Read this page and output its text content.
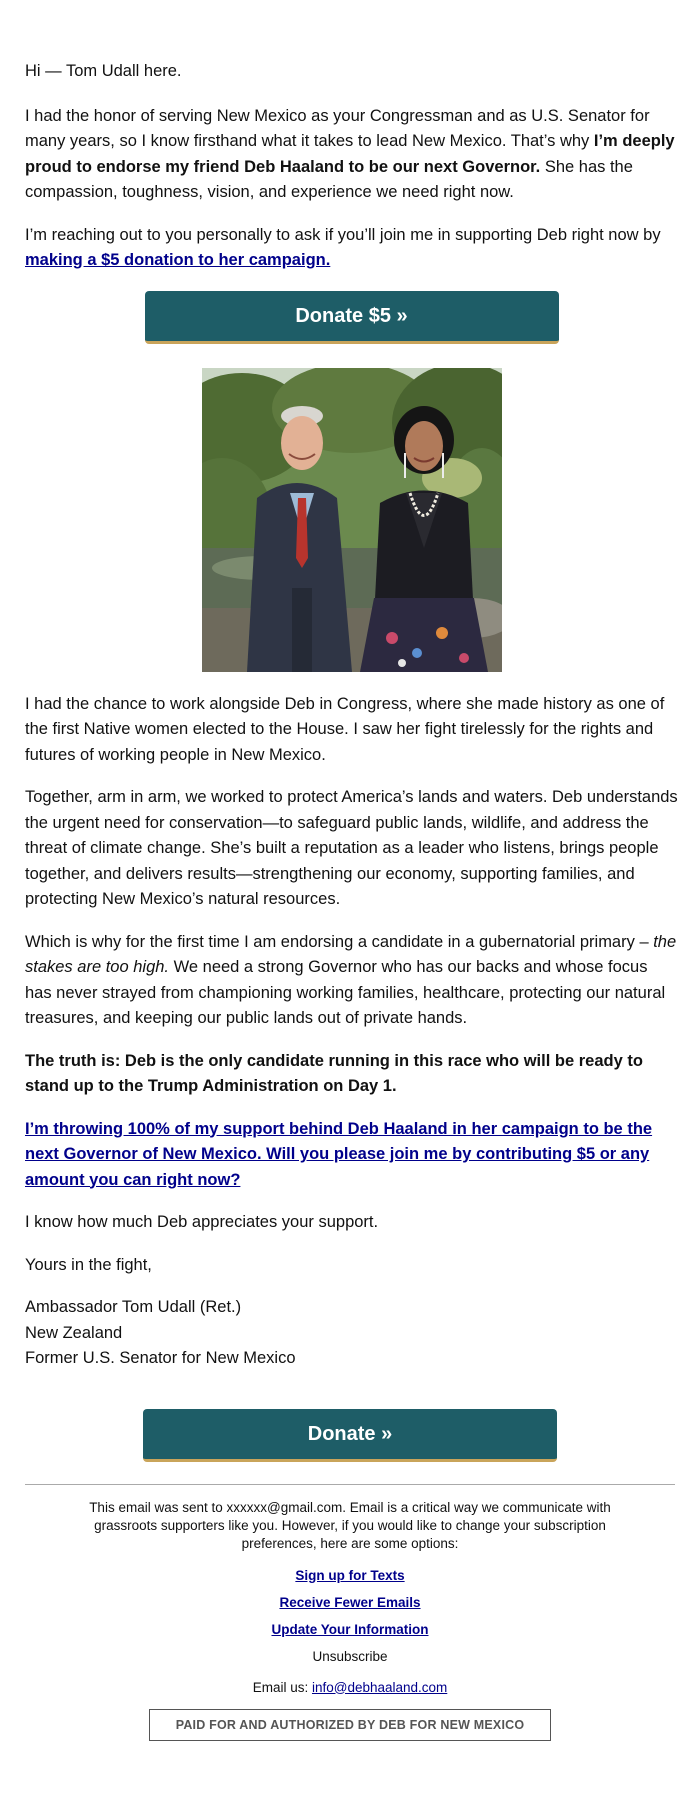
Hi — Tom Udall here.

I had the honor of serving New Mexico as your Congressman and as U.S. Senator for many years, so I know firsthand what it takes to lead New Mexico. That’s why I’m deeply proud to endorse my friend Deb Haaland to be our next Governor. She has the compassion, toughness, vision, and experience we need right now.

I’m reaching out to you personally to ask if you’ll join me in supporting Deb right now by making a $5 donation to her campaign.

Donate $5 »

I had the chance to work alongside Deb in Congress, where she made history as one of the first Native women elected to the House. I saw her fight tirelessly for the rights and futures of working people in New Mexico.

Together, arm in arm, we worked to protect America’s lands and waters. Deb understands the urgent need for conservation—to safeguard public lands, wildlife, and address the threat of climate change. She’s built a reputation as a leader who listens, brings people together, and delivers results—strengthening our economy, supporting families, and protecting New Mexico’s natural resources.

Which is why for the first time I am endorsing a candidate in a gubernatorial primary – the stakes are too high. We need a strong Governor who has our backs and whose focus has never strayed from championing working families, healthcare, protecting our natural treasures, and keeping our public lands out of private hands.

The truth is: Deb is the only candidate running in this race who will be ready to stand up to the Trump Administration on Day 1.

I’m throwing 100% of my support behind Deb Haaland in her campaign to be the next Governor of New Mexico. Will you please join me by contributing $5 or any amount you can right now?

I know how much Deb appreciates your support.

Yours in the fight,

Ambassador Tom Udall (Ret.)
New Zealand
Former U.S. Senator for New Mexico
Donate »

This email was sent to xxxxxx@gmail.com. Email is a critical way we communicate with grassroots supporters like you. However, if you would like to change your subscription preferences, here are some options:

Sign up for Texts
Receive Fewer Emails
Update Your Information

Unsubscribe

Email us: info@debhaaland.com

PAID FOR AND AUTHORIZED BY DEB FOR NEW MEXICO
